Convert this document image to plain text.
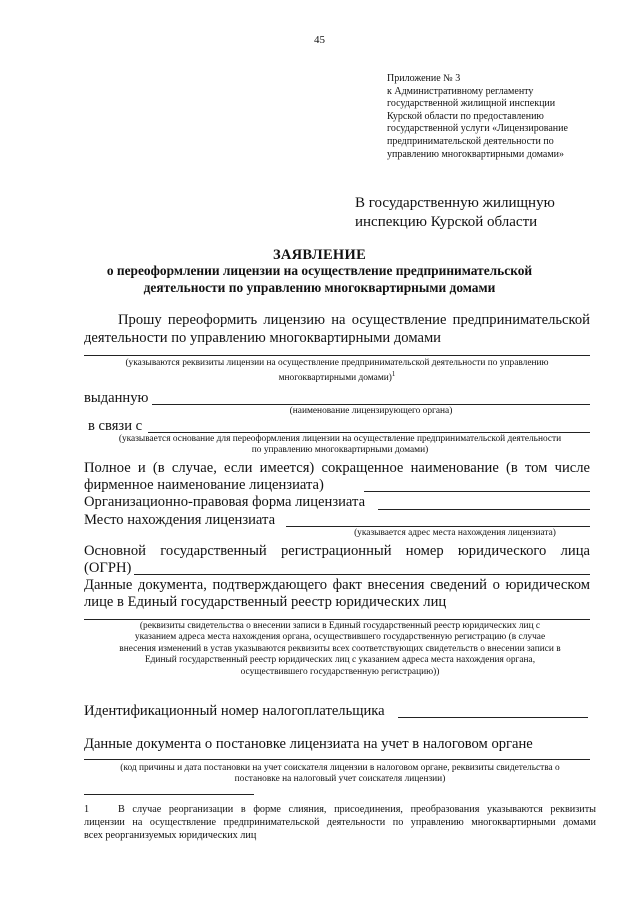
45
Приложение № 3
к Административному регламенту
государственной жилищной инспекции
Курской области по предоставлению
государственной услуги «Лицензирование
предпринимательской деятельности по
управлению многоквартирными домами»
В государственную жилищную
инспекцию Курской области
ЗАЯВЛЕНИЕ
о переоформлении лицензии на осуществление предпринимательской
деятельности по управлению многоквартирными домами
Прошу переоформить лицензию на осуществление предпринимательской
деятельности по управлению многоквартирными домами
(указываются реквизиты лицензии на осуществление предпринимательской деятельности по управлению
многоквартирными домами)$^1$
выданную
(наименование лицензирующего органа)
в связи с
(указывается основание для переоформления лицензии на осуществление предпринимательской деятельности
по управлению многоквартирными домами)
Полное и (в случае, если имеется) сокращенное наименование (в том числе
фирменное наименование лицензиата)
Организационно-правовая форма лицензиата
Место нахождения лицензиата
(указывается адрес места нахождения лицензиата)
Основной государственный регистрационный номер юридического лица
(ОГРН)
Данные документа, подтверждающего факт внесения сведений о юридическом
лице в Единый государственный реестр юридических лиц
(реквизиты свидетельства о внесении записи в Единый государственный реестр юридических лиц с
указанием адреса места нахождения органа, осуществившего государственную регистрацию (в случае
внесения изменений в устав указываются реквизиты всех соответствующих свидетельств о внесении записи в
Единый государственный реестр юридических лиц с указанием адреса места нахождения органа,
осуществившего государственную регистрацию))
Идентификационный номер налогоплательщика
Данные документа о постановке лицензиата на учет в налоговом органе
(код причины и дата постановки на учет соискателя лицензии в налоговом органе, реквизиты свидетельства о
постановке на налоговый учет соискателя лицензии)
1	В случае реорганизации в форме слияния, присоединения, преобразования указываются реквизиты
лицензии на осуществление предпринимательской деятельности по управлению многоквартирными домами
всех реорганизуемых юридических лиц
